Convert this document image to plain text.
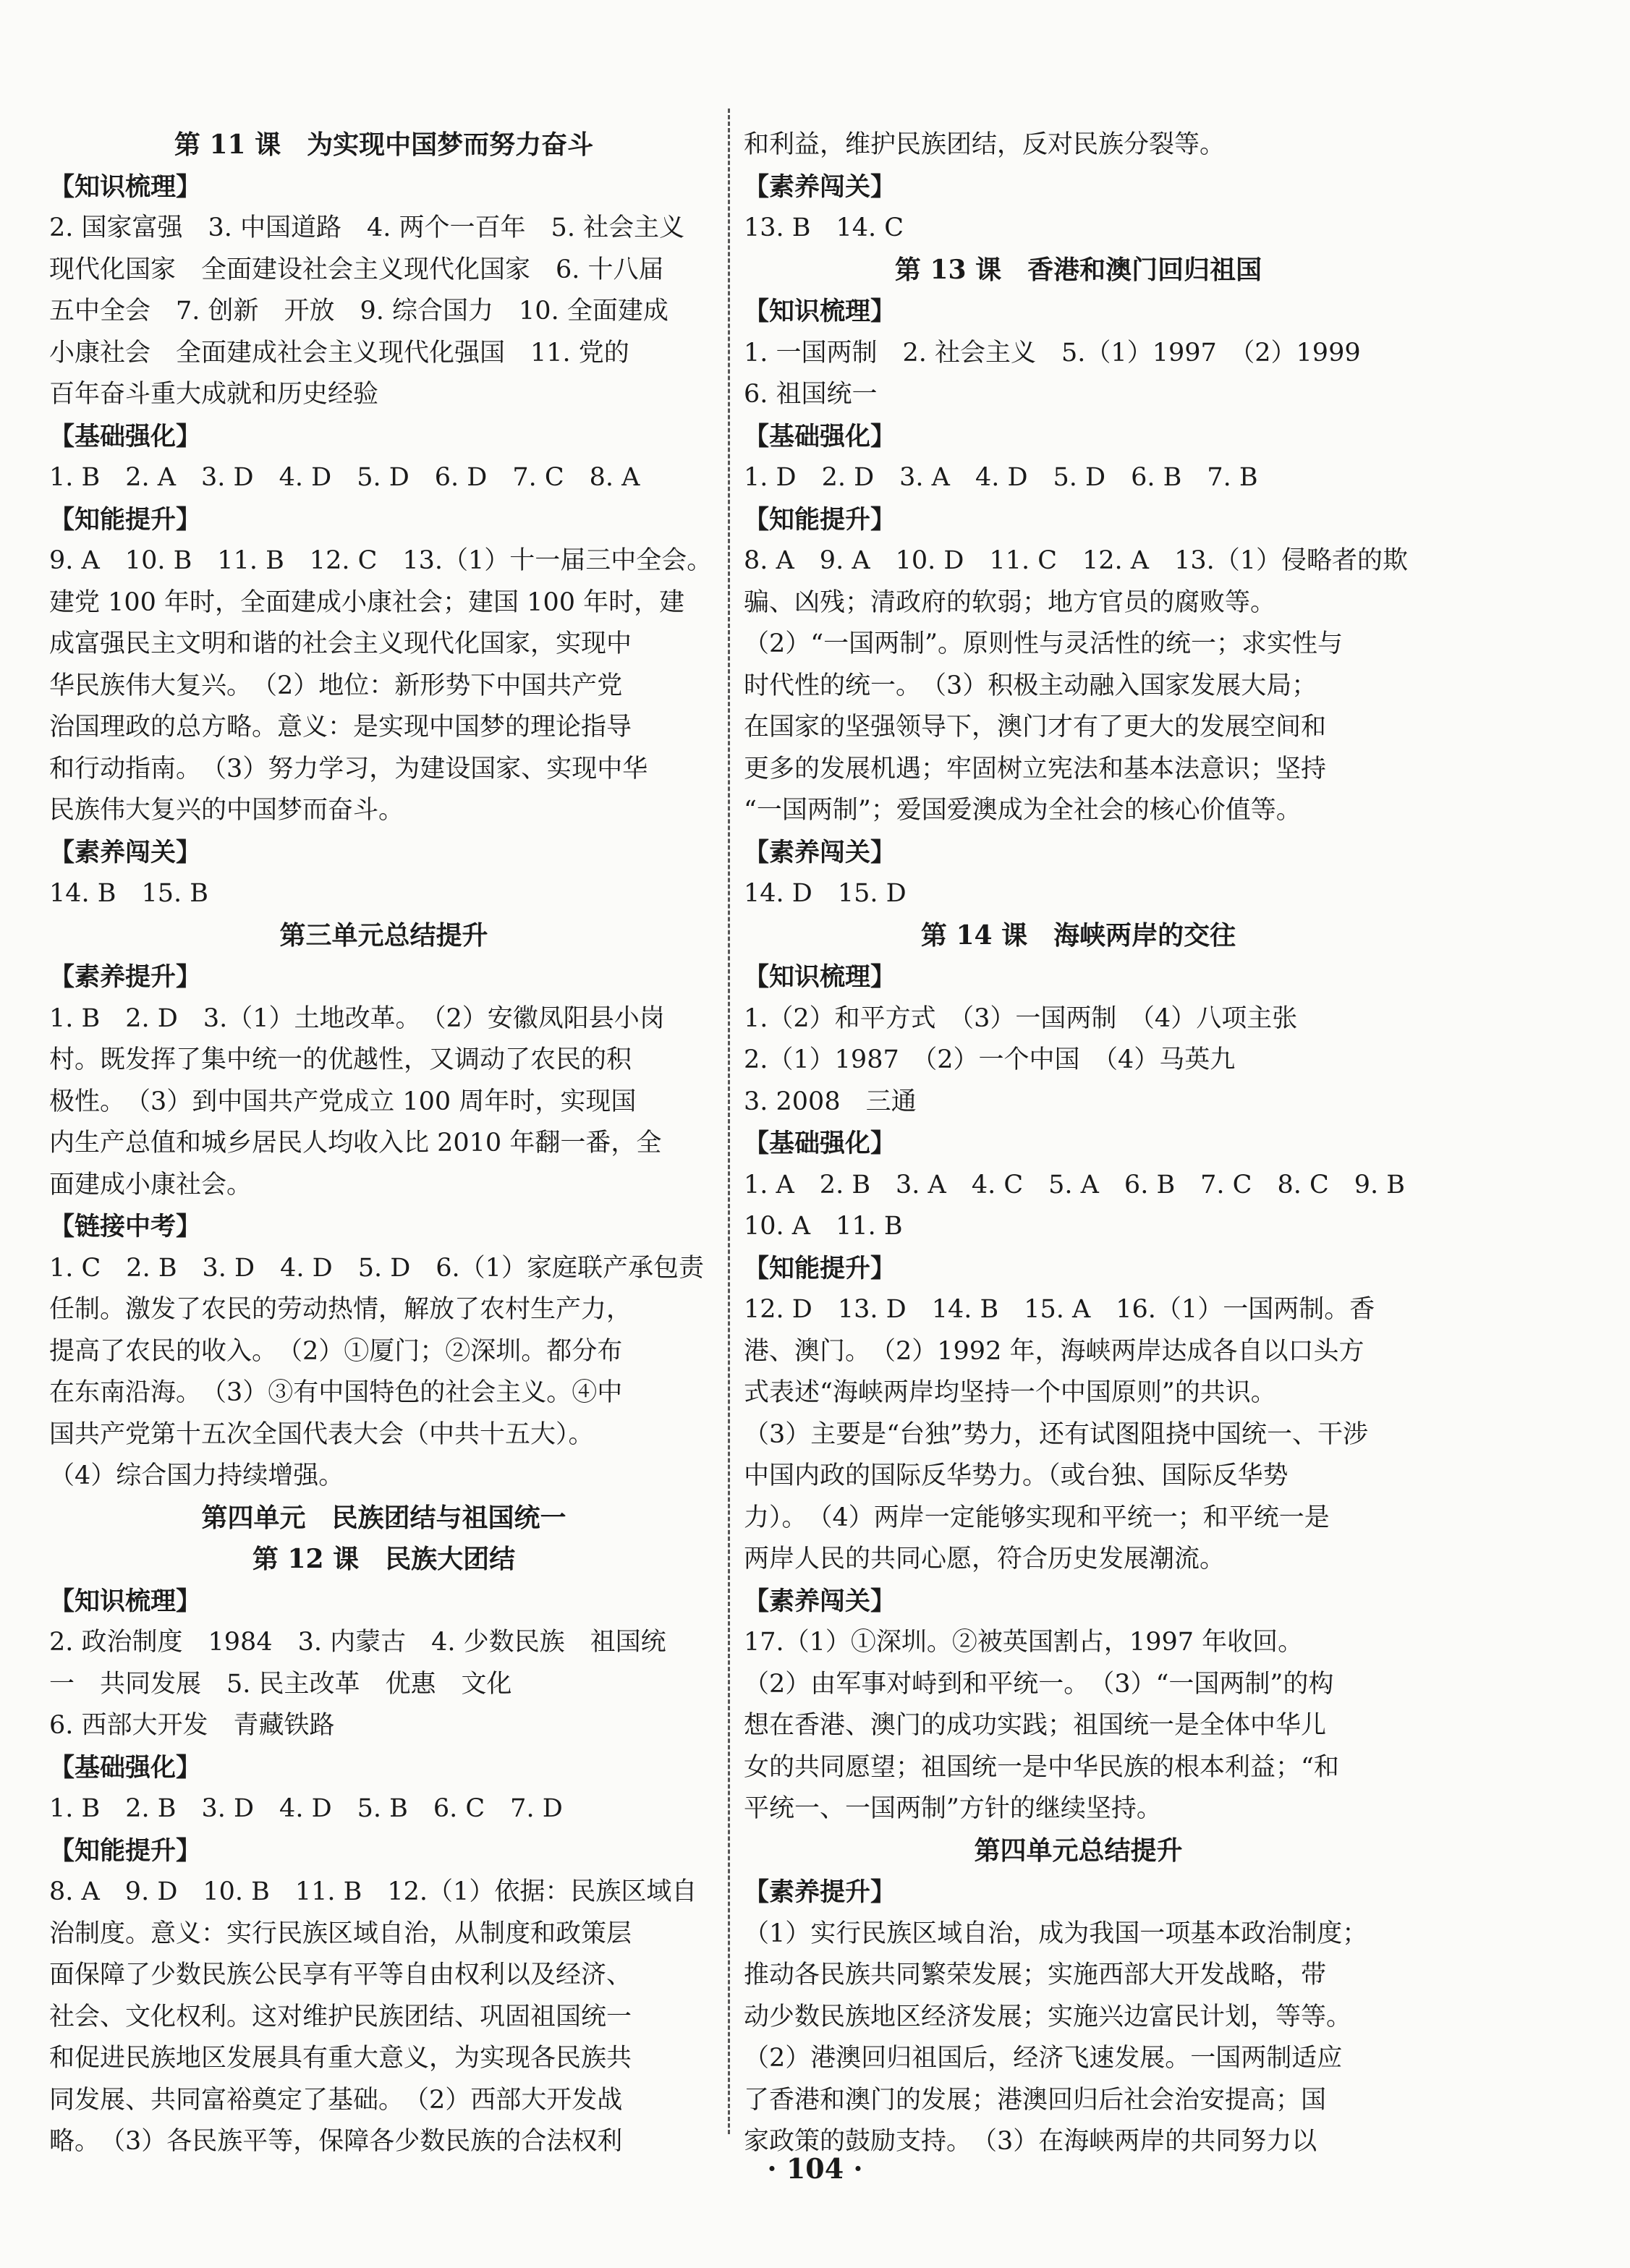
第 11 课　为实现中国梦而努力奋斗
【知识梳理】
2. 国家富强　3. 中国道路　4. 两个一百年　5. 社会主义
现代化国家　全面建设社会主义现代化国家　6. 十八届
五中全会　7. 创新　开放　9. 综合国力　10. 全面建成
小康社会　全面建成社会主义现代化强国　11. 党的
百年奋斗重大成就和历史经验
【基础强化】
1. B　2. A　3. D　4. D　5. D　6. D　7. C　8. A
【知能提升】
9. A　10. B　11. B　12. C　13.（1）十一届三中全会。
建党 100 年时，全面建成小康社会；建国 100 年时，建
成富强民主文明和谐的社会主义现代化国家，实现中
华民族伟大复兴。　（2）地位：新形势下中国共产党
治国理政的总方略。意义：是实现中国梦的理论指导
和行动指南。　（3）努力学习，为建设国家、实现中华
民族伟大复兴的中国梦而奋斗。
【素养闯关】
14. B　15. B
第三单元总结提升
【素养提升】
1. B　2. D　3.（1）土地改革。　（2）安徽凤阳县小岗
村。既发挥了集中统一的优越性，又调动了农民的积
极性。　（3）到中国共产党成立 100 周年时，实现国
内生产总值和城乡居民人均收入比 2010 年翻一番，全
面建成小康社会。
【链接中考】
1. C　2. B　3. D　4. D　5. D　6.（1）家庭联产承包责
任制。激发了农民的劳动热情，解放了农村生产力，
提高了农民的收入。　（2）①厦门；②深圳。都分布
在东南沿海。　（3）③有中国特色的社会主义。④中
国共产党第十五次全国代表大会（中共十五大）。
（4）综合国力持续增强。
第四单元　民族团结与祖国统一
第 12 课　民族大团结
【知识梳理】
2. 政治制度　1984　3. 内蒙古　4. 少数民族　祖国统
一　共同发展　5. 民主改革　优惠　文化
6. 西部大开发　青藏铁路
【基础强化】
1. B　2. B　3. D　4. D　5. B　6. C　7. D
【知能提升】
8. A　9. D　10. B　11. B　12.（1）依据：民族区域自
治制度。意义：实行民族区域自治，从制度和政策层
面保障了少数民族公民享有平等自由权利以及经济、
社会、文化权利。这对维护民族团结、巩固祖国统一
和促进民族地区发展具有重大意义，为实现各民族共
同发展、共同富裕奠定了基础。　（2）西部大开发战
略。　（3）各民族平等，保障各少数民族的合法权利
和利益，维护民族团结，反对民族分裂等。
【素养闯关】
13. B　14. C
第 13 课　香港和澳门回归祖国
【知识梳理】
1. 一国两制　2. 社会主义　5.（1）1997　（2）1999
6. 祖国统一
【基础强化】
1. D　2. D　3. A　4. D　5. D　6. B　7. B
【知能提升】
8. A　9. A　10. D　11. C　12. A　13.（1）侵略者的欺
骗、凶残；清政府的软弱；地方官员的腐败等。
（2）“一国两制”。原则性与灵活性的统一；求实性与
时代性的统一。　（3）积极主动融入国家发展大局；
在国家的坚强领导下，澳门才有了更大的发展空间和
更多的发展机遇；牢固树立宪法和基本法意识；坚持
“一国两制”；爱国爱澳成为全社会的核心价值等。
【素养闯关】
14. D　15. D
第 14 课　海峡两岸的交往
【知识梳理】
1.（2）和平方式　（3）一国两制　（4）八项主张
2.（1）1987　（2）一个中国　（4）马英九
3. 2008　三通
【基础强化】
1. A　2. B　3. A　4. C　5. A　6. B　7. C　8. C　9. B
10. A　11. B
【知能提升】
12. D　13. D　14. B　15. A　16.（1）一国两制。香
港、澳门。　（2）1992 年，海峡两岸达成各自以口头方
式表述“海峡两岸均坚持一个中国原则”的共识。
（3）主要是“台独”势力，还有试图阻挠中国统一、干涉
中国内政的国际反华势力。（或台独、国际反华势
力）。　（4）两岸一定能够实现和平统一；和平统一是
两岸人民的共同心愿，符合历史发展潮流。
【素养闯关】
17.（1）①深圳。②被英国割占，1997 年收回。
（2）由军事对峙到和平统一。　（3）“一国两制”的构
想在香港、澳门的成功实践；祖国统一是全体中华儿
女的共同愿望；祖国统一是中华民族的根本利益；“和
平统一、一国两制”方针的继续坚持。
第四单元总结提升
【素养提升】
（1）实行民族区域自治，成为我国一项基本政治制度；
推动各民族共同繁荣发展；实施西部大开发战略，带
动少数民族地区经济发展；实施兴边富民计划，等等。
（2）港澳回归祖国后，经济飞速发展。一国两制适应
了香港和澳门的发展；港澳回归后社会治安提高；国
家政策的鼓励支持。　（3）在海峡两岸的共同努力以
· 104 ·
